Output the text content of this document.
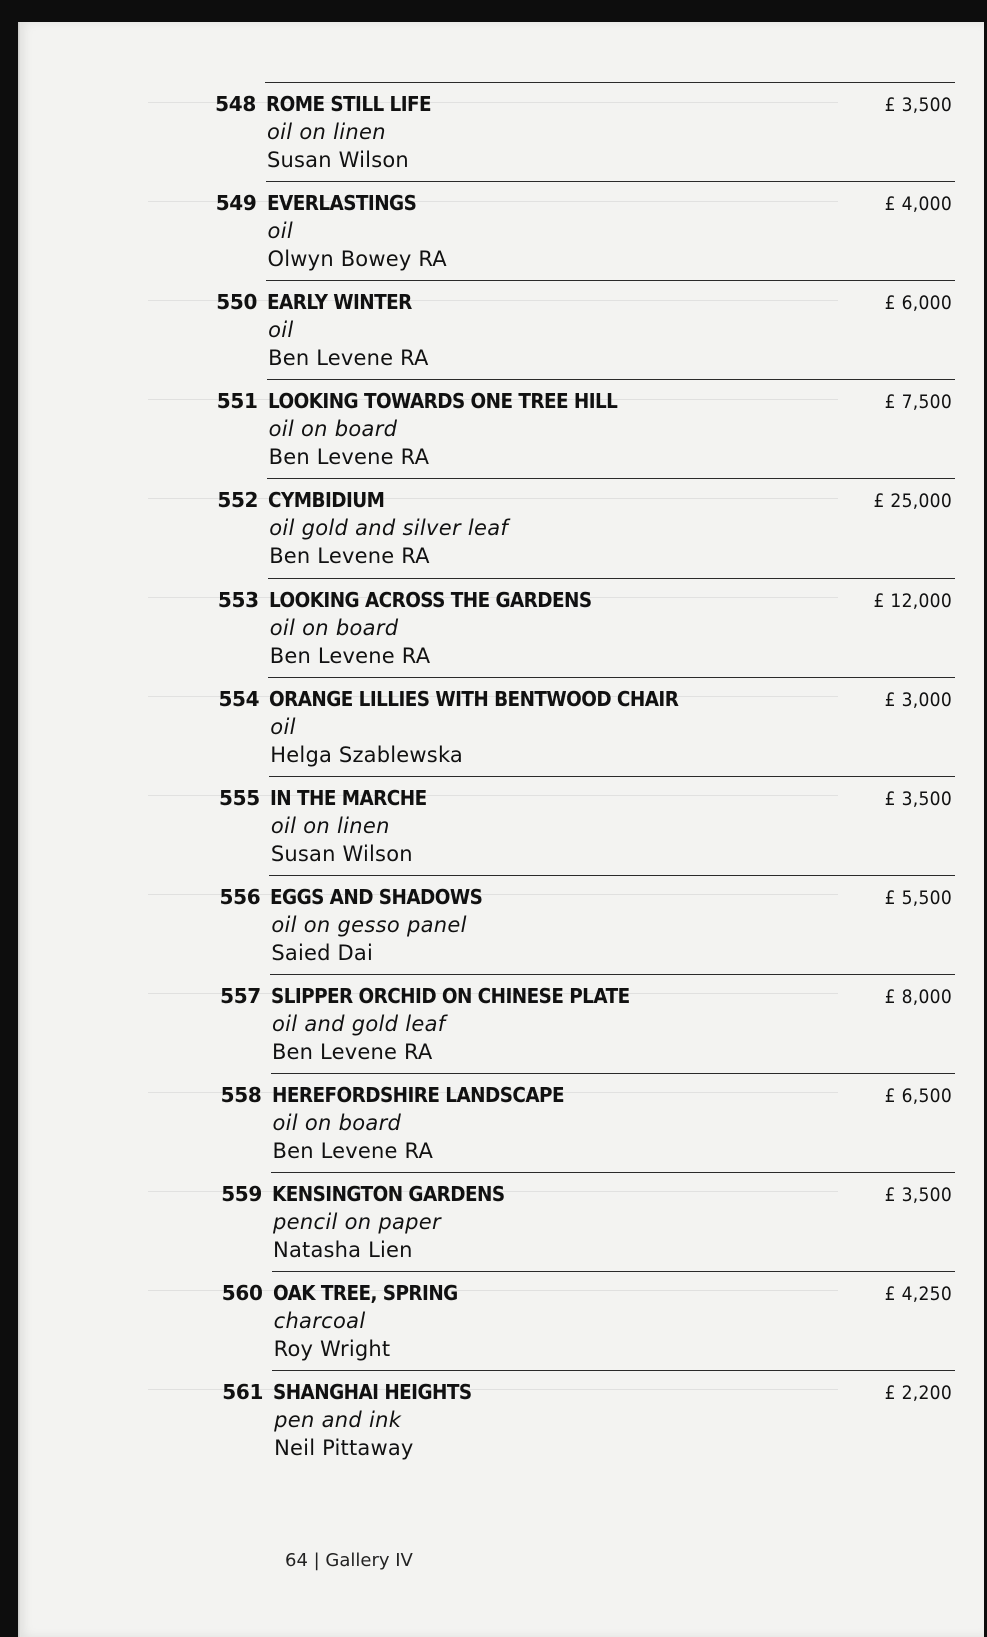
548 ROME STILL LIFE
oil on linen
Susan Wilson
£ 3,500
549 EVERLASTINGS
oil
Olwyn Bowey RA
£ 4,000
550 EARLY WINTER
oil
Ben Levene RA
£ 6,000
551 LOOKING TOWARDS ONE TREE HILL
oil on board
Ben Levene RA
£ 7,500
552 CYMBIDIUM
oil gold and silver leaf
Ben Levene RA
£ 25,000
553 LOOKING ACROSS THE GARDENS
oil on board
Ben Levene RA
£ 12,000
554 ORANGE LILLIES WITH BENTWOOD CHAIR
oil
Helga Szablewska
£ 3,000
555 IN THE MARCHE
oil on linen
Susan Wilson
£ 3,500
556 EGGS AND SHADOWS
oil on gesso panel
Saied Dai
£ 5,500
557 SLIPPER ORCHID ON CHINESE PLATE
oil and gold leaf
Ben Levene RA
£ 8,000
558 HEREFORDSHIRE LANDSCAPE
oil on board
Ben Levene RA
£ 6,500
559 KENSINGTON GARDENS
pencil on paper
Natasha Lien
£ 3,500
560 OAK TREE, SPRING
charcoal
Roy Wright
£ 4,250
561 SHANGHAI HEIGHTS
pen and ink
Neil Pittaway
£ 2,200
64 | Gallery IV
